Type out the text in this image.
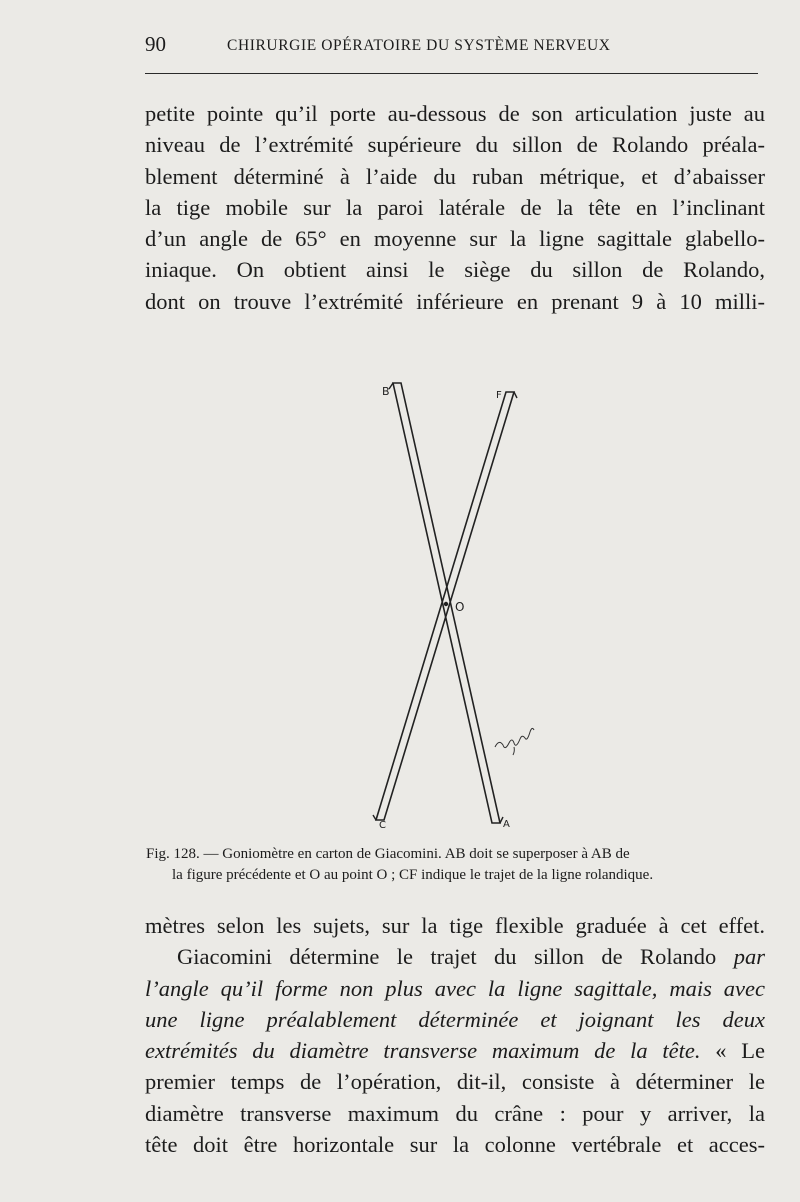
90	CHIRURGIE OPÉRATOIRE DU SYSTÈME NERVEUX
petite pointe qu’il porte au-dessous de son articulation juste au
niveau de l’extrémité supérieure du sillon de Rolando préala-
blement déterminé à l’aide du ruban métrique, et d’abaisser
la tige mobile sur la paroi latérale de la tête en l’inclinant
d’un angle de 65° en moyenne sur la ligne sagittale glabello-
iniaque. On obtient ainsi le siège du sillon de Rolando,
dont on trouve l’extrémité inférieure en prenant 9 à 10 milli-
B	F
O
C	A
Fig. 128. — Goniomètre en carton de Giacomini. AB doit se superposer à AB de
la figure précédente et O au point O ; CF indique le trajet de la ligne rolandique.
mètres selon les sujets, sur la tige flexible graduée à cet effet.
Giacomini détermine le trajet du sillon de Rolando par
l’angle qu’il forme non plus avec la ligne sagittale, mais avec
une ligne préalablement déterminée et joignant les deux
extrémités du diamètre transverse maximum de la tête. « Le
premier temps de l’opération, dit-il, consiste à déterminer le
diamètre transverse maximum du crâne : pour y arriver, la
tête doit être horizontale sur la colonne vertébrale et acces-
